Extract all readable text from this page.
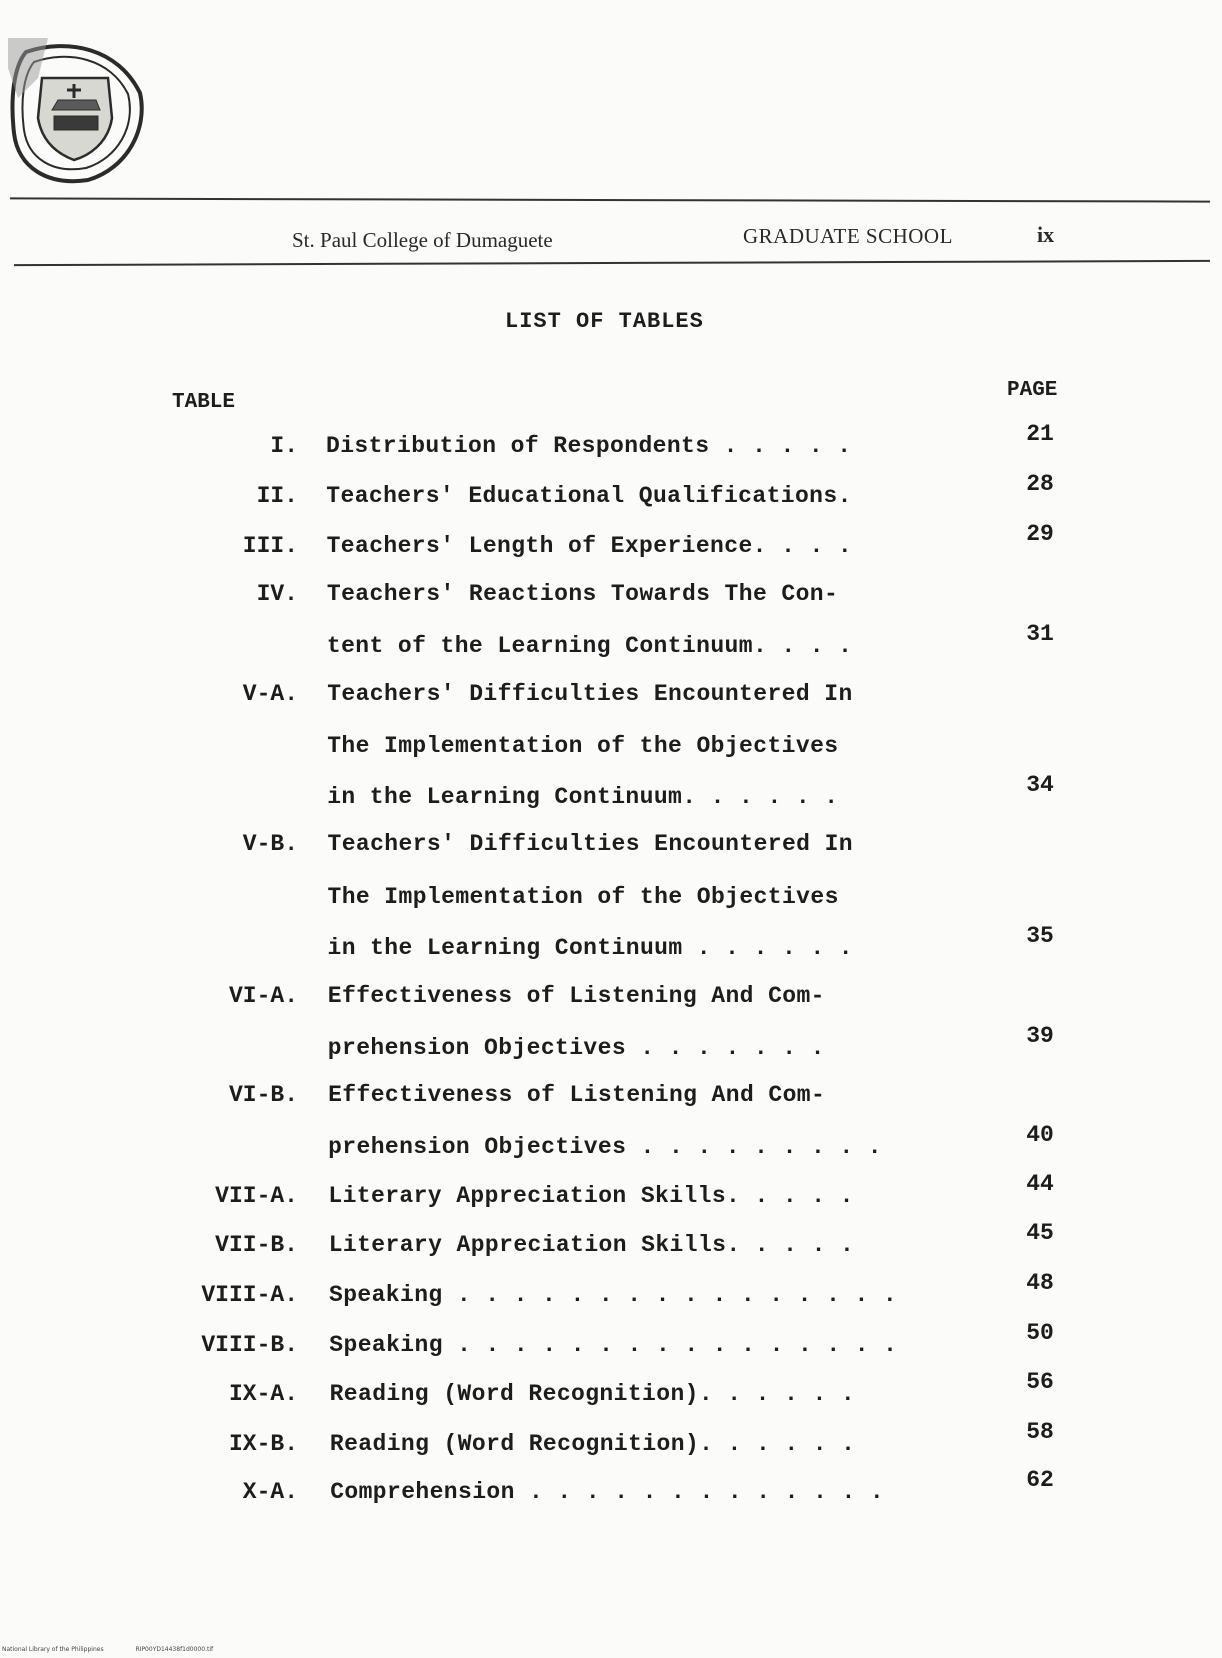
St. Paul College of Dumaguete	GRADUATE SCHOOL	ix
LIST OF TABLES
TABLE
PAGE
I. Distribution of Respondents . . . . .	21
II. Teachers' Educational Qualifications.	28
III. Teachers' Length of Experience. . . .	29
IV. Teachers' Reactions Towards The Con-
tent of the Learning Continuum. . . .	31
V-A. Teachers' Difficulties Encountered In
The Implementation of the Objectives
in the Learning Continuum. . . . . .	34
V-B. Teachers' Difficulties Encountered In
The Implementation of the Objectives
in the Learning Continuum . . . . . .	35
VI-A. Effectiveness of Listening And Com-
prehension Objectives . . . . . . .	39
VI-B. Effectiveness of Listening And Com-
prehension Objectives . . . . . . . . .	40
VII-A. Literary Appreciation Skills. . . . .	44
VII-B. Literary Appreciation Skills. . . . .	45
VIII-A. Speaking . . . . . . . . . . . . . . . .	48
VIII-B. Speaking . . . . . . . . . . . . . . . .	50
IX-A. Reading (Word Recognition). . . . . .	56
IX-B. Reading (Word Recognition). . . . . .	58
X-A. Comprehension . . . . . . . . . . . . .	62
National Library of the Philippines	RIP00YD14438f1d0000.tif
